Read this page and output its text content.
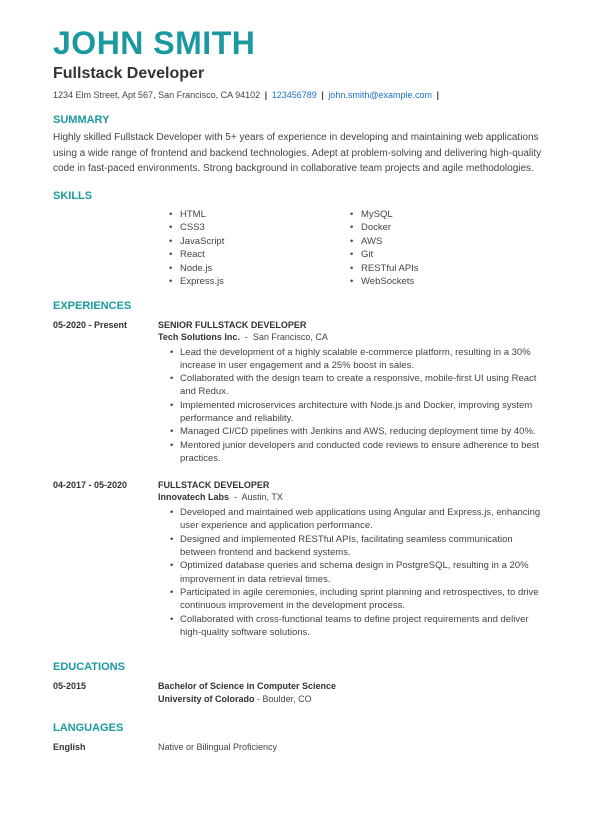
JOHN SMITH
Fullstack Developer
1234 Elm Street, Apt 567, San Francisco, CA 94102 | 123456789 | john.smith@example.com |
SUMMARY
Highly skilled Fullstack Developer with 5+ years of experience in developing and maintaining web applications using a wide range of frontend and backend technologies. Adept at problem-solving and delivering high-quality code in fast-paced environments. Strong background in collaborative team projects and agile methodologies.
SKILLS
• HTML
• CSS3
• JavaScript
• React
• Node.js
• Express.js
• MySQL
• Docker
• AWS
• Git
• RESTful APIs
• WebSockets
EXPERIENCES
05-2020 - Present	SENIOR FULLSTACK DEVELOPER
Tech Solutions Inc. - San Francisco, CA
• Lead the development of a highly scalable e-commerce platform, resulting in a 30% increase in user engagement and a 25% boost in sales.
• Collaborated with the design team to create a responsive, mobile-first UI using React and Redux.
• Implemented microservices architecture with Node.js and Docker, improving system performance and reliability.
• Managed CI/CD pipelines with Jenkins and AWS, reducing deployment time by 40%.
• Mentored junior developers and conducted code reviews to ensure adherence to best practices.
04-2017 - 05-2020	FULLSTACK DEVELOPER
Innovatech Labs - Austin, TX
• Developed and maintained web applications using Angular and Express.js, enhancing user experience and application performance.
• Designed and implemented RESTful APIs, facilitating seamless communication between frontend and backend systems.
• Optimized database queries and schema design in PostgreSQL, resulting in a 20% improvement in data retrieval times.
• Participated in agile ceremonies, including sprint planning and retrospectives, to drive continuous improvement in the development process.
• Collaborated with cross-functional teams to define project requirements and deliver high-quality software solutions.
EDUCATIONS
05-2015	Bachelor of Science in Computer Science
University of Colorado - Boulder, CO
LANGUAGES
English	Native or Bilingual Proficiency
